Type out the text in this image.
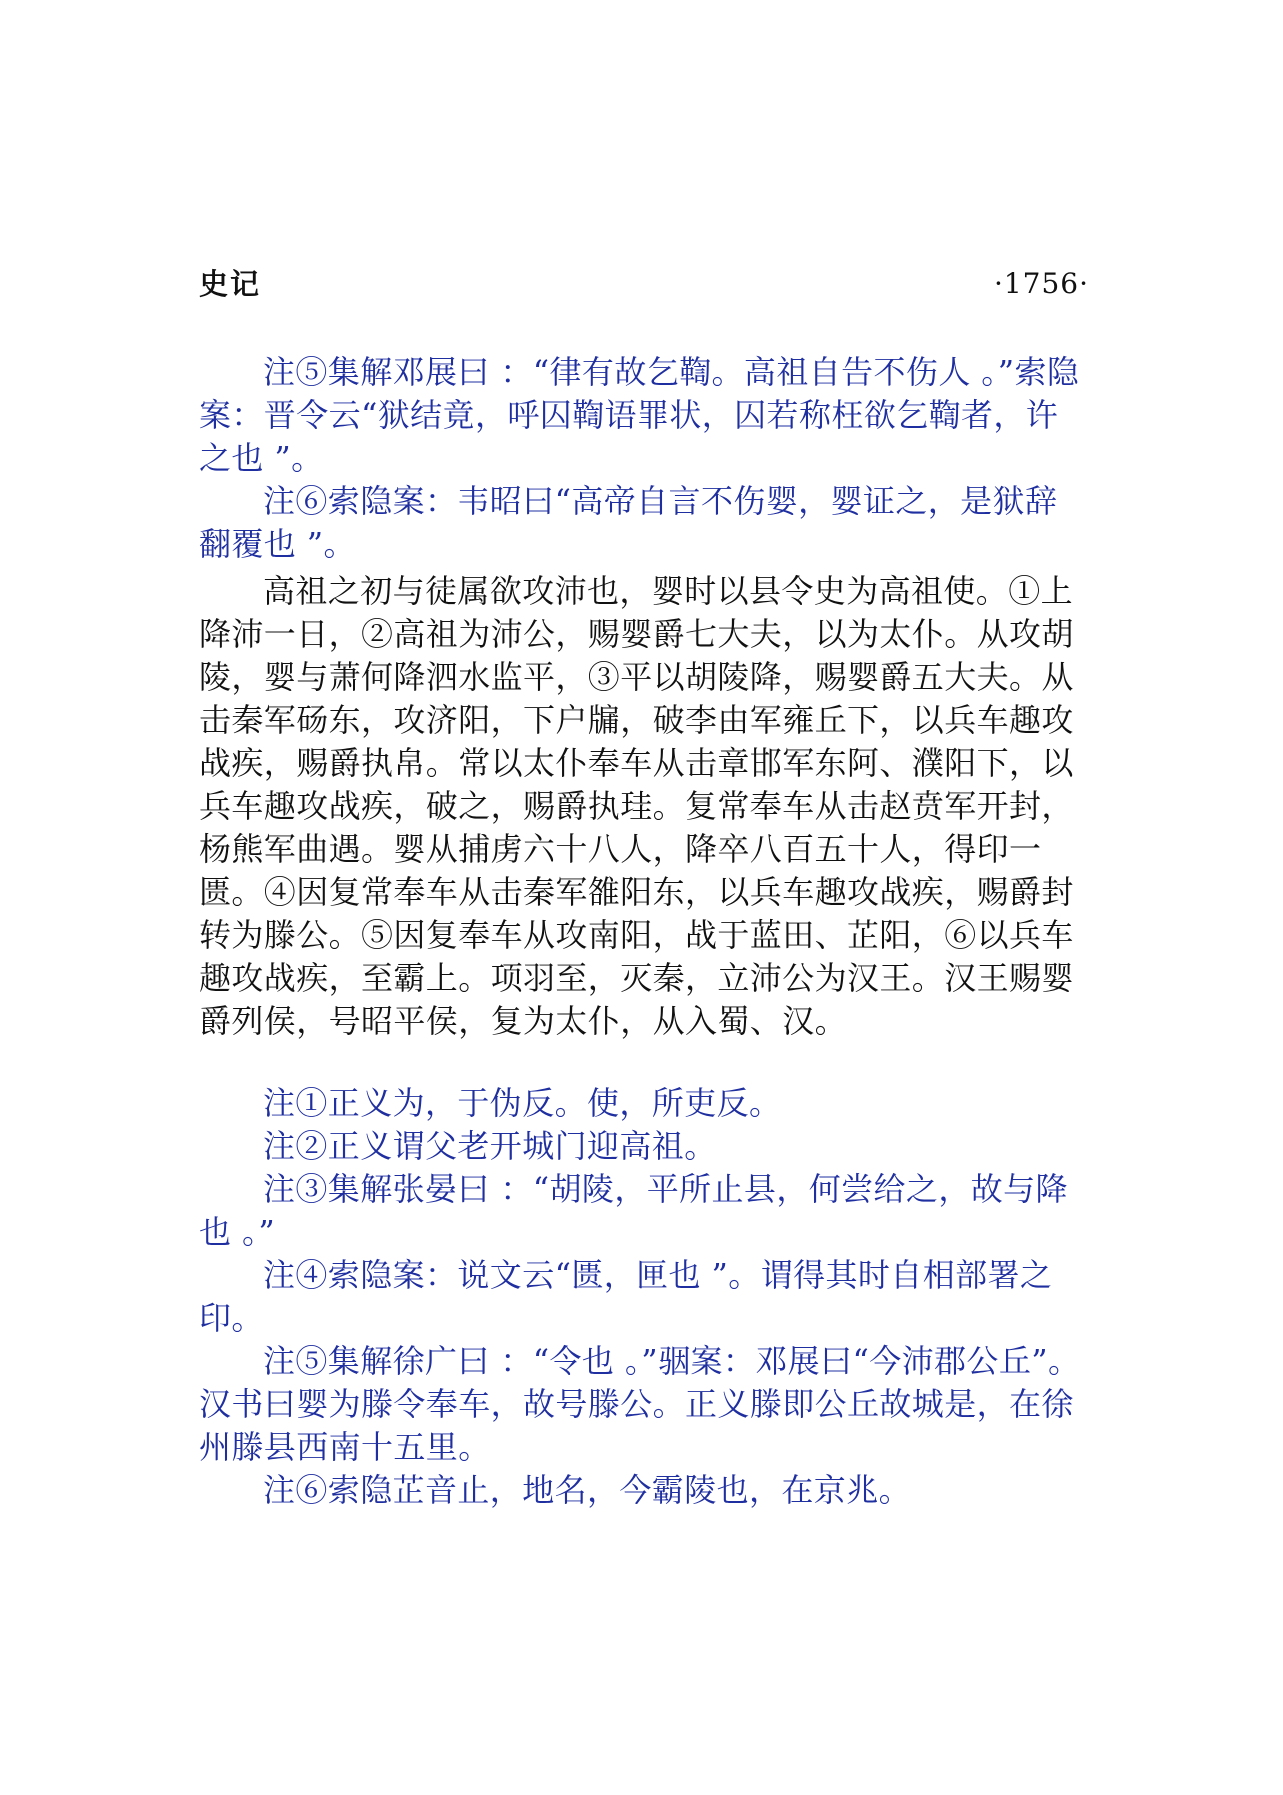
史记	·1756·

注⑤集解邓展曰 ：“律有故乞鞫。高祖自告不伤人 。”索隐案：晋令云“狱结竟，呼囚鞫语罪状，囚若称枉欲乞鞫者，许之也 ”。

注⑥索隐案：韦昭曰“高帝自言不伤婴，婴证之，是狱辞翻覆也 ”。

高祖之初与徒属欲攻沛也，婴时以县令史为高祖使。①上降沛一日，②高祖为沛公，赐婴爵七大夫，以为太仆。从攻胡陵，婴与萧何降泗水监平，③平以胡陵降，赐婴爵五大夫。从击秦军砀东，攻济阳，下户牖，破李由军雍丘下，以兵车趣攻战疾，赐爵执帛。常以太仆奉车从击章邯军东阿、濮阳下，以兵车趣攻战疾，破之，赐爵执珪。复常奉车从击赵贲军开封，杨熊军曲遇。婴从捕虏六十八人，降卒八百五十人，得印一匮。④因复常奉车从击秦军雒阳东，以兵车趣攻战疾，赐爵封转为滕公。⑤因复奉车从攻南阳，战于蓝田、芷阳，⑥以兵车趣攻战疾，至霸上。项羽至，灭秦，立沛公为汉王。汉王赐婴爵列侯，号昭平侯，复为太仆，从入蜀、汉。

注①正义为，于伪反。使，所吏反。

注②正义谓父老开城门迎高祖。

注③集解张晏曰 ：“胡陵，平所止县，何尝给之，故与降也 。”

注④索隐案：说文云“匮，匣也 ”。谓得其时自相部署之印。

注⑤集解徐广曰 ：“令也 。”骃案：邓展曰“今沛郡公丘”。汉书曰婴为滕令奉车，故号滕公。正义滕即公丘故城是，在徐州滕县西南十五里。

注⑥索隐芷音止，地名，今霸陵也，在京兆。
